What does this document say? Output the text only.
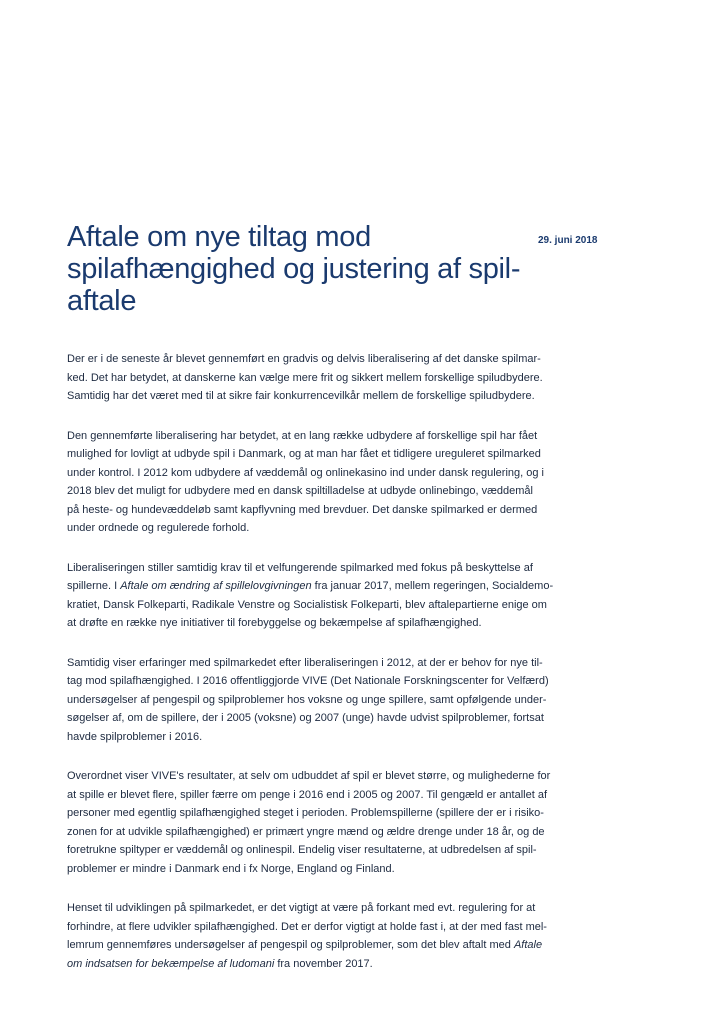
Aftale om nye tiltag mod
spilafhængighed og justering af spil-
aftale
29. juni 2018

Der er i de seneste år blevet gennemført en gradvis og delvis liberalisering af det danske spilmar-
ked. Det har betydet, at danskerne kan vælge mere frit og sikkert mellem forskellige spiludbydere.
Samtidig har det været med til at sikre fair konkurrencevilkår mellem de forskellige spiludbydere.

Den gennemførte liberalisering har betydet, at en lang række udbydere af forskellige spil har fået
mulighed for lovligt at udbyde spil i Danmark, og at man har fået et tidligere ureguleret spilmarked
under kontrol. I 2012 kom udbydere af væddemål og onlinekasino ind under dansk regulering, og i
2018 blev det muligt for udbydere med en dansk spiltilladelse at udbyde onlinebingo, væddemål
på heste- og hundevæddeløb samt kapflyvning med brevduer. Det danske spilmarked er dermed
under ordnede og regulerede forhold.

Liberaliseringen stiller samtidig krav til et velfungerende spilmarked med fokus på beskyttelse af
spillerne. I Aftale om ændring af spillelovgivningen fra januar 2017, mellem regeringen, Socialdemo-
kratiet, Dansk Folkeparti, Radikale Venstre og Socialistisk Folkeparti, blev aftalepartierne enige om
at drøfte en række nye initiativer til forebyggelse og bekæmpelse af spilafhængighed.

Samtidig viser erfaringer med spilmarkedet efter liberaliseringen i 2012, at der er behov for nye til-
tag mod spilafhængighed. I 2016 offentliggjorde VIVE (Det Nationale Forskningscenter for Velfærd)
undersøgelser af pengespil og spilproblemer hos voksne og unge spillere, samt opfølgende under-
søgelser af, om de spillere, der i 2005 (voksne) og 2007 (unge) havde udvist spilproblemer, fortsat
havde spilproblemer i 2016.

Overordnet viser VIVE's resultater, at selv om udbuddet af spil er blevet større, og mulighederne for
at spille er blevet flere, spiller færre om penge i 2016 end i 2005 og 2007. Til gengæld er antallet af
personer med egentlig spilafhængighed steget i perioden. Problemspillerne (spillere der er i risiko-
zonen for at udvikle spilafhængighed) er primært yngre mænd og ældre drenge under 18 år, og de
foretrukne spiltyper er væddemål og onlinespil. Endelig viser resultaterne, at udbredelsen af spil-
problemer er mindre i Danmark end i fx Norge, England og Finland.

Henset til udviklingen på spilmarkedet, er det vigtigt at være på forkant med evt. regulering for at
forhindre, at flere udvikler spilafhængighed. Det er derfor vigtigt at holde fast i, at der med fast mel-
lemrum gennemføres undersøgelser af pengespil og spilproblemer, som det blev aftalt med Aftale
om indsatsen for bekæmpelse af ludomani fra november 2017.
